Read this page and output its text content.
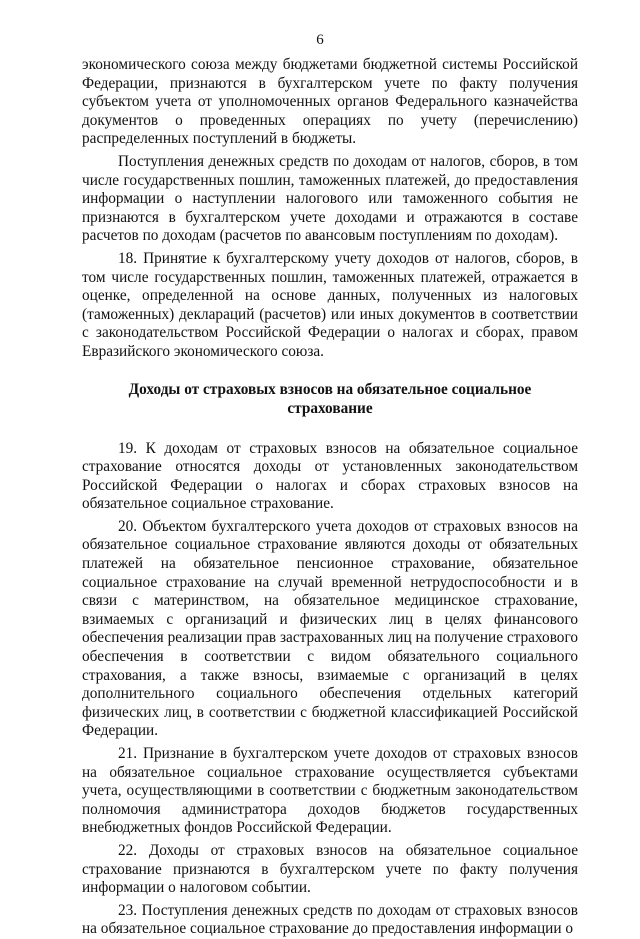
6

экономического союза между бюджетами бюджетной системы Российской Федерации, признаются в бухгалтерском учете по факту получения субъектом учета от уполномоченных органов Федерального казначейства документов о проведенных операциях по учету (перечислению) распределенных поступлений в бюджеты.

Поступления денежных средств по доходам от налогов, сборов, в том числе государственных пошлин, таможенных платежей, до предоставления информации о наступлении налогового или таможенного события не признаются в бухгалтерском учете доходами и отражаются в составе расчетов по доходам (расчетов по авансовым поступлениям по доходам).

18. Принятие к бухгалтерскому учету доходов от налогов, сборов, в том числе государственных пошлин, таможенных платежей, отражается в оценке, определенной на основе данных, полученных из налоговых (таможенных) деклараций (расчетов) или иных документов в соответствии с законодательством Российской Федерации о налогах и сборах, правом Евразийского экономического союза.

Доходы от страховых взносов на обязательное социальное страхование

19. К доходам от страховых взносов на обязательное социальное страхование относятся доходы от установленных законодательством Российской Федерации о налогах и сборах страховых взносов на обязательное социальное страхование.

20. Объектом бухгалтерского учета доходов от страховых взносов на обязательное социальное страхование являются доходы от обязательных платежей на обязательное пенсионное страхование, обязательное социальное страхование на случай временной нетрудоспособности и в связи с материнством, на обязательное медицинское страхование, взимаемых с организаций и физических лиц в целях финансового обеспечения реализации прав застрахованных лиц на получение страхового обеспечения в соответствии с видом обязательного социального страхования, а также взносы, взимаемые с организаций в целях дополнительного социального обеспечения отдельных категорий физических лиц, в соответствии с бюджетной классификацией Российской Федерации.

21. Признание в бухгалтерском учете доходов от страховых взносов на обязательное социальное страхование осуществляется субъектами учета, осуществляющими в соответствии с бюджетным законодательством полномочия администратора доходов бюджетов государственных внебюджетных фондов Российской Федерации.

22. Доходы от страховых взносов на обязательное социальное страхование признаются в бухгалтерском учете по факту получения информации о налоговом событии.

23. Поступления денежных средств по доходам от страховых взносов на обязательное социальное страхование до предоставления информации о
